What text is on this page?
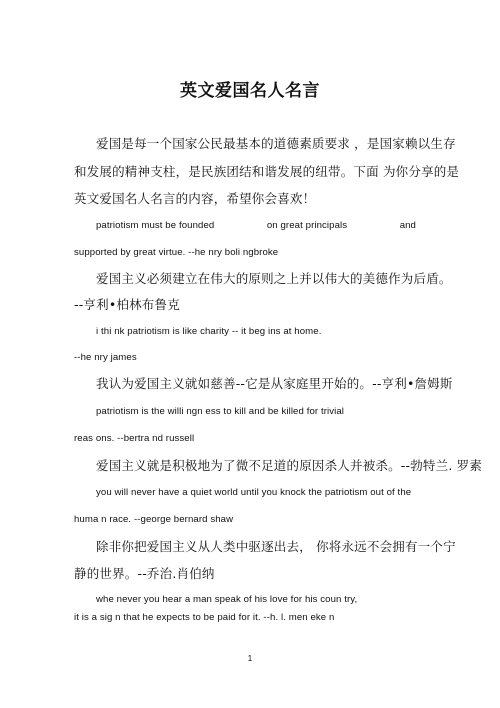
英文爱国名人名言
爱国是每一个国家公民最基本的道德素质要求 ，是国家赖以生存
和发展的精神支柱，是民族团结和谐发展的纽带。下面 为你分享的是
英文爱国名人名言的内容，希望你会喜欢！
patriotism must be founded	on great principals	and
supported by great virtue. --he nry boli ngbroke
爱国主义必须建立在伟大的原则之上并以伟大的美德作为后盾。
--亨利•柏林布鲁克
i thi nk patriotism is like charity -- it beg ins at home.
--he nry james
我认为爱国主义就如慈善--它是从家庭里开始的。--亨利•詹姆斯
patriotism is the willi ngn ess to kill and be killed for trivial
reas ons. --bertra nd russell
爱国主义就是积极地为了微不足道的原因杀人并被杀。--勃特兰. 罗素
you will never have a quiet world until you knock the patriotism out of the
huma n race. --george bernard shaw
除非你把爱国主义从人类中驱逐出去， 你将永远不会拥有一个宁
静的世界。--乔治.肖伯纳
whe never you hear a man speak of his love for his coun try,
it is a sig n that he expects to be paid for it. --h. l. men eke n
1
